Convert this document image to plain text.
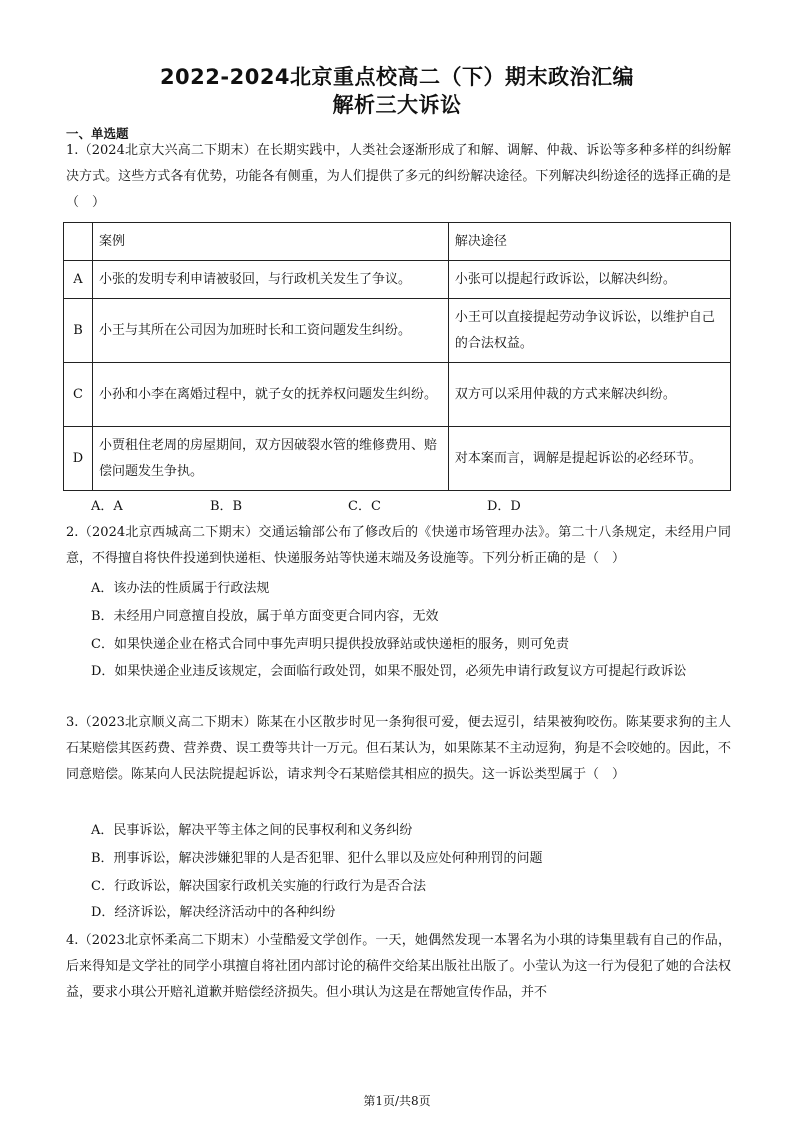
2022-2024北京重点校高二（下）期末政治汇编
解析三大诉讼
一、单选题
1.（2024北京大兴高二下期末）在长期实践中，人类社会逐渐形成了和解、调解、仲裁、诉讼等多种多样的纠纷解决方式。这些方式各有优势，功能各有侧重，为人们提供了多元的纠纷解决途径。下列解决纠纷途径的选择正确的是（　）
	案例	解决途径
A	小张的发明专利申请被驳回，与行政机关发生了争议。	小张可以提起行政诉讼，以解决纠纷。
B	小王与其所在公司因为加班时长和工资问题发生纠纷。	小王可以直接提起劳动争议诉讼，以维护自己的合法权益。
C	小孙和小李在离婚过程中，就子女的抚养权问题发生纠纷。	双方可以采用仲裁的方式来解决纠纷。
D	小贾租住老周的房屋期间，双方因破裂水管的维修费用、赔偿问题发生争执。	对本案而言，调解是提起诉讼的必经环节。
A．A	B．B	C．C	D．D
2.（2024北京西城高二下期末）交通运输部公布了修改后的《快递市场管理办法》。第二十八条规定，未经用户同意，不得擅自将快件投递到快递柜、快递服务站等快递末端及务设施等。下列分析正确的是（　）
A．该办法的性质属于行政法规
B．未经用户同意擅自投放，属于单方面变更合同内容，无效
C．如果快递企业在格式合同中事先声明只提供投放驿站或快递柜的服务，则可免责
D．如果快递企业违反该规定，会面临行政处罚，如果不服处罚，必须先申请行政复议方可提起行政诉讼
3.（2023北京顺义高二下期末）陈某在小区散步时见一条狗很可爱，便去逗引，结果被狗咬伤。陈某要求狗的主人石某赔偿其医药费、营养费、误工费等共计一万元。但石某认为，如果陈某不主动逗狗，狗是不会咬她的。因此，不同意赔偿。陈某向人民法院提起诉讼，请求判令石某赔偿其相应的损失。这一诉讼类型属于（　）
A．民事诉讼，解决平等主体之间的民事权利和义务纠纷
B．刑事诉讼，解决涉嫌犯罪的人是否犯罪、犯什么罪以及应处何种刑罚的问题
C．行政诉讼，解决国家行政机关实施的行政行为是否合法
D．经济诉讼，解决经济活动中的各种纠纷
4.（2023北京怀柔高二下期末）小莹酷爱文学创作。一天，她偶然发现一本署名为小琪的诗集里载有自己的作品，后来得知是文学社的同学小琪擅自将社团内部讨论的稿件交给某出版社出版了。小莹认为这一行为侵犯了她的合法权益，要求小琪公开赔礼道歉并赔偿经济损失。但小琪认为这是在帮她宣传作品，并不
第1页/共8页
